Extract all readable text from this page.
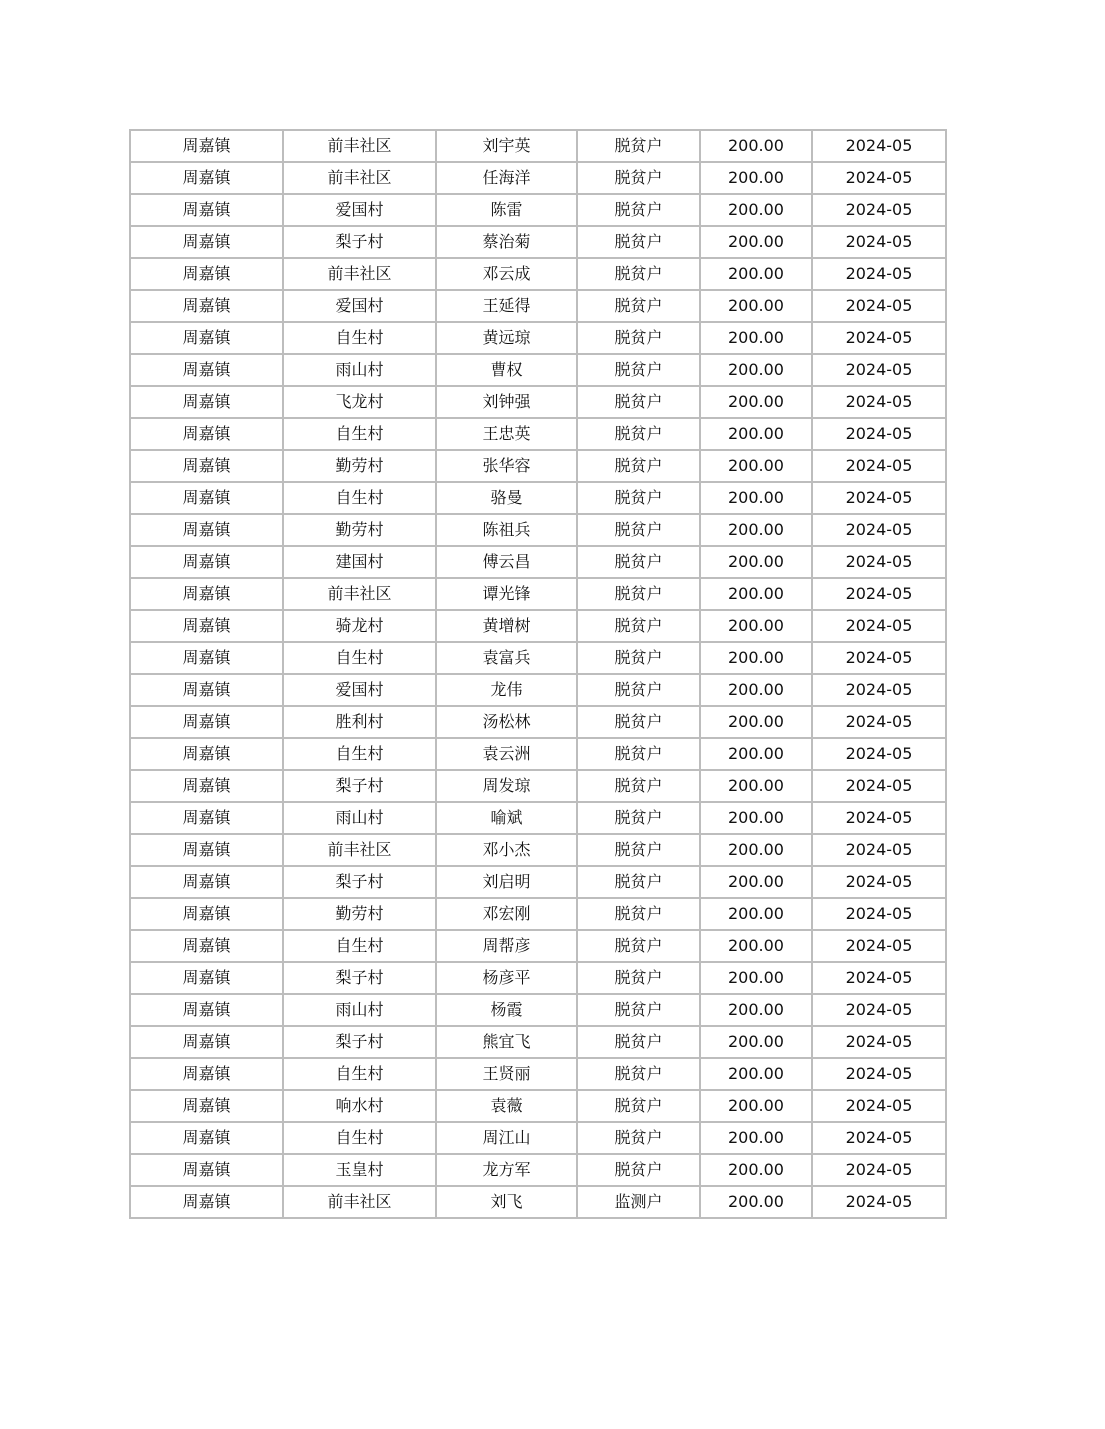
周嘉镇	前丰社区	刘宇英	脱贫户	200.00	2024-05
周嘉镇	前丰社区	任海洋	脱贫户	200.00	2024-05
周嘉镇	爱国村	陈雷	脱贫户	200.00	2024-05
周嘉镇	梨子村	蔡治菊	脱贫户	200.00	2024-05
周嘉镇	前丰社区	邓云成	脱贫户	200.00	2024-05
周嘉镇	爱国村	王延得	脱贫户	200.00	2024-05
周嘉镇	自生村	黄远琼	脱贫户	200.00	2024-05
周嘉镇	雨山村	曹权	脱贫户	200.00	2024-05
周嘉镇	飞龙村	刘钟强	脱贫户	200.00	2024-05
周嘉镇	自生村	王忠英	脱贫户	200.00	2024-05
周嘉镇	勤劳村	张华容	脱贫户	200.00	2024-05
周嘉镇	自生村	骆曼	脱贫户	200.00	2024-05
周嘉镇	勤劳村	陈祖兵	脱贫户	200.00	2024-05
周嘉镇	建国村	傅云昌	脱贫户	200.00	2024-05
周嘉镇	前丰社区	谭光锋	脱贫户	200.00	2024-05
周嘉镇	骑龙村	黄增树	脱贫户	200.00	2024-05
周嘉镇	自生村	袁富兵	脱贫户	200.00	2024-05
周嘉镇	爱国村	龙伟	脱贫户	200.00	2024-05
周嘉镇	胜利村	汤松林	脱贫户	200.00	2024-05
周嘉镇	自生村	袁云洲	脱贫户	200.00	2024-05
周嘉镇	梨子村	周发琼	脱贫户	200.00	2024-05
周嘉镇	雨山村	喻斌	脱贫户	200.00	2024-05
周嘉镇	前丰社区	邓小杰	脱贫户	200.00	2024-05
周嘉镇	梨子村	刘启明	脱贫户	200.00	2024-05
周嘉镇	勤劳村	邓宏刚	脱贫户	200.00	2024-05
周嘉镇	自生村	周帮彦	脱贫户	200.00	2024-05
周嘉镇	梨子村	杨彦平	脱贫户	200.00	2024-05
周嘉镇	雨山村	杨霞	脱贫户	200.00	2024-05
周嘉镇	梨子村	熊宜飞	脱贫户	200.00	2024-05
周嘉镇	自生村	王贤丽	脱贫户	200.00	2024-05
周嘉镇	响水村	袁薇	脱贫户	200.00	2024-05
周嘉镇	自生村	周江山	脱贫户	200.00	2024-05
周嘉镇	玉皇村	龙方军	脱贫户	200.00	2024-05
周嘉镇	前丰社区	刘飞	监测户	200.00	2024-05
